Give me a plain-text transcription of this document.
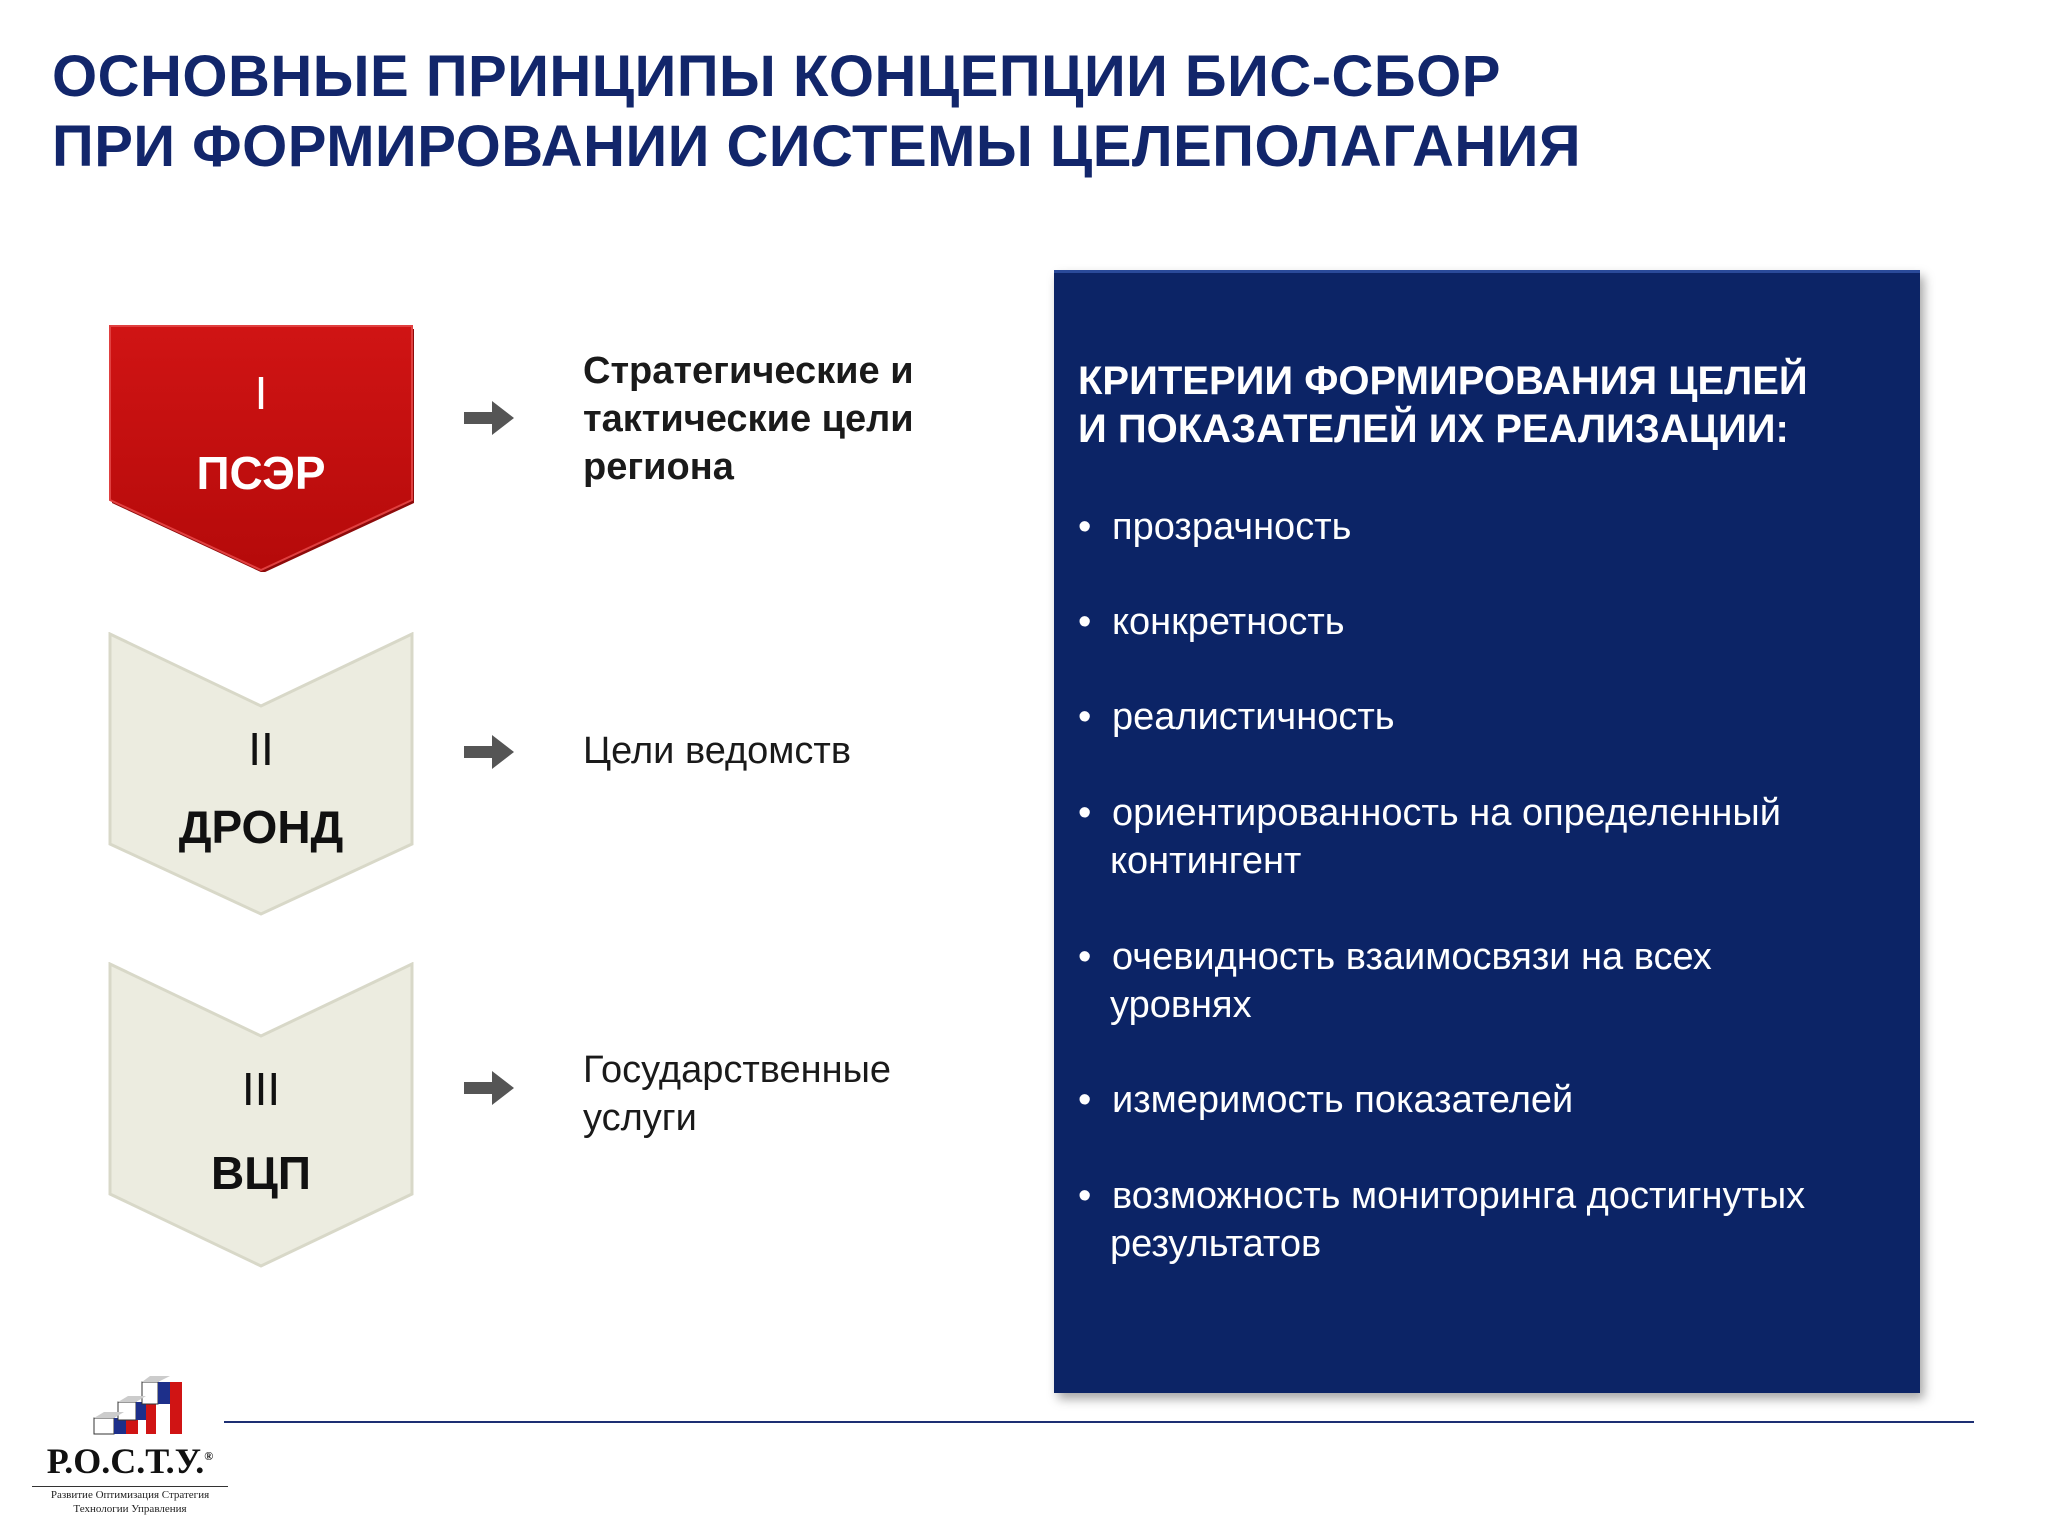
ОСНОВНЫЕ ПРИНЦИПЫ КОНЦЕПЦИИ БИС-СБОР
ПРИ ФОРМИРОВАНИИ СИСТЕМЫ ЦЕЛЕПОЛАГАНИЯ
I
ПСЭР
II
ДРОНД
III
ВЦП
Стратегические и
тактические цели
региона
Цели ведомств
Государственные
услуги
КРИТЕРИИ ФОРМИРОВАНИЯ ЦЕЛЕЙ
И ПОКАЗАТЕЛЕЙ ИХ РЕАЛИЗАЦИИ:
• прозрачность
• конкретность
• реалистичность
• ориентированность на определенный
контингент
• очевидность взаимосвязи на всех
уровнях
• измеримость показателей
• возможность мониторинга достигнутых
результатов
Р.О.С.Т.У.®
Развитие Оптимизация Стратегия
Технологии Управления
